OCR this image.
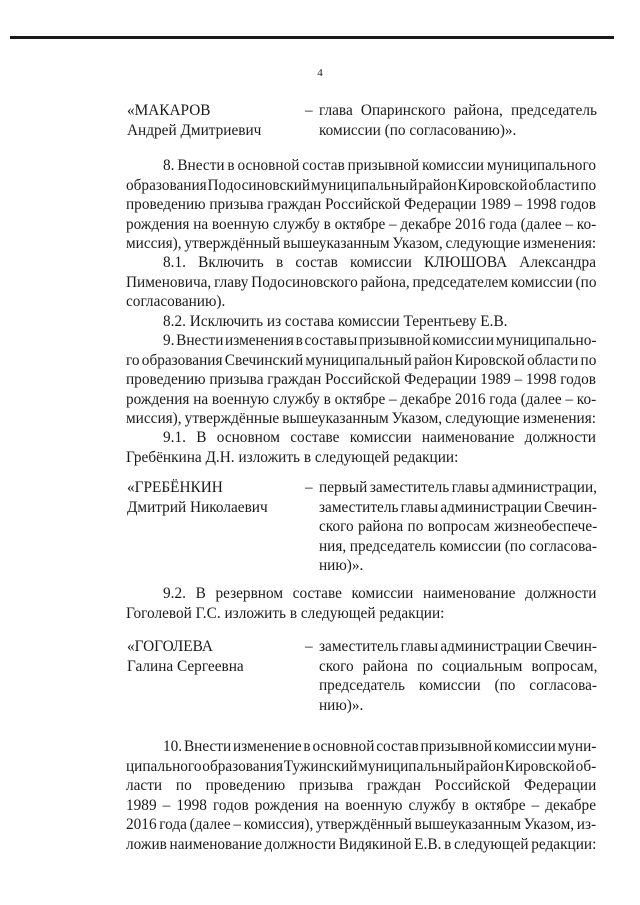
4
«МАКАРОВ
Андрей Дмитриевич
– глава Опаринского района, председатель
комиссии (по согласованию)».
8. Внести в основной состав призывной комиссии муниципального
образования Подосиновский муниципальный район Кировской области по
проведению призыва граждан Российской Федерации 1989 – 1998 годов
рождения на военную службу в октябре – декабре 2016 года (далее – ко-
миссия), утверждённый вышеуказанным Указом, следующие изменения:
8.1. Включить в состав комиссии КЛЮШОВА Александра
Пименовича, главу Подосиновского района, председателем комиссии (по
согласованию).
8.2. Исключить из состава комиссии Терентьеву Е.В.
9. Внести изменения в составы призывной комиссии муниципально-
го образования Свечинский муниципальный район Кировской области по
проведению призыва граждан Российской Федерации 1989 – 1998 годов
рождения на военную службу в октябре – декабре 2016 года (далее – ко-
миссия), утверждённые вышеуказанным Указом, следующие изменения:
9.1. В основном составе комиссии наименование должности
Гребёнкина Д.Н. изложить в следующей редакции:
«ГРЕБЁНКИН
Дмитрий Николаевич
– первый заместитель главы администрации,
заместитель главы администрации Свечин-
ского района по вопросам жизнеобеспече-
ния, председатель комиссии (по согласова-
нию)».
9.2. В резервном составе комиссии наименование должности
Гоголевой Г.С. изложить в следующей редакции:
«ГОГОЛЕВА
Галина Сергеевна
– заместитель главы администрации Свечин-
ского района по социальным вопросам,
председатель комиссии (по согласова-
нию)».
10. Внести изменение в основной состав призывной комиссии муни-
ципального образования Тужинский муниципальный район Кировской об-
ласти по проведению призыва граждан Российской Федерации
1989 – 1998 годов рождения на военную службу в октябре – декабре
2016 года (далее – комиссия), утверждённый вышеуказанным Указом, из-
ложив наименование должности Видякиной Е.В. в следующей редакции:
